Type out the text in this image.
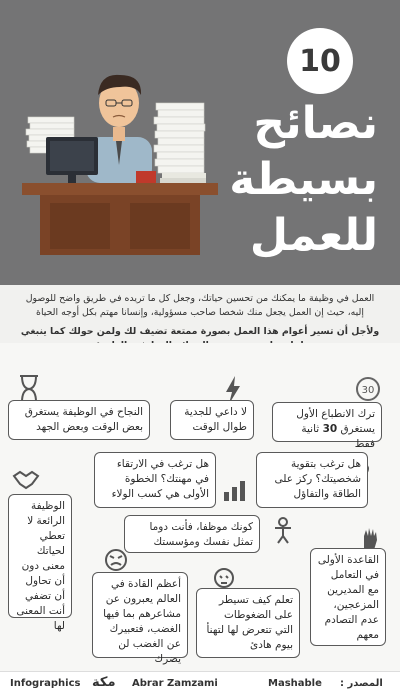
10
نصائح
بسيطة
للعمل

العمل في وظيفة ما يمكنك من تحسين حياتك، وجعل كل ما تريده في طريق واضح للوصول إليه، حيث إن العمل يجعل منك شخصا صاحب مسؤولية، وإنسانا مهتم بكل أوجه الحياة

ولأجل أن تسير أعوام هذا العمل بصورة ممتعة تضيف لك ولمن حولك كما ينبغي

30
ترك الانطباع الأول يستغرق 30 ثانية فقط
لا داعي للجدية طوال الوقت
النجاح في الوظيفة يستغرق بعض الوقت وبعض الجهد
هل ترغب بتقوية شخصيتك؟ ركز على الطاقة والتفاؤل
هل ترغب في الارتقاء في مهنتك؟ الخطوة الأولى هي كسب الولاء
الوظيفة الرائعة لا تعطي لحياتك معنى دون أن تحاول أن تضفي أنت المعنى لها
كونك موظفا، فأنت دوما تمثل نفسك ومؤسستك
القاعدة الأولى في التعامل مع المديرين المزعجين، عدم التصادم معهم
تعلم كيف تسيطر على الضغوطات التي تتعرض لها لتهنأ بيوم هادئ
أعظم القادة في العالم يعبرون عن مشاعرهم بما فيها الغضب، فتعبيرك عن الغضب لن يضرك
Infographics مكة Abrar Zamzami	Mashable المصدر :
